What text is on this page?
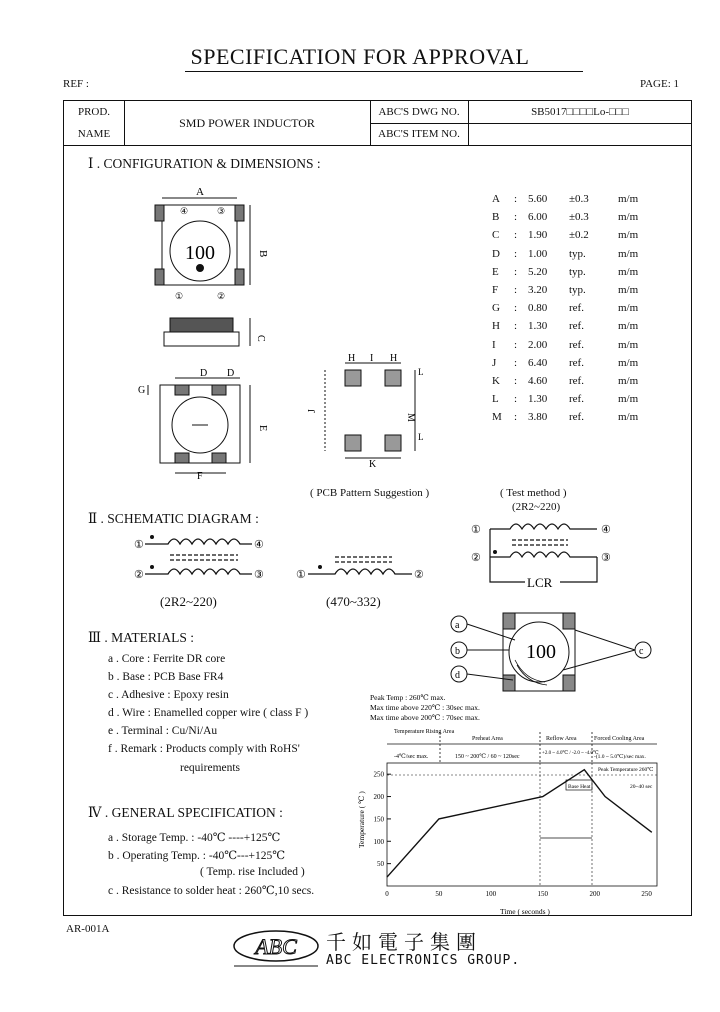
SPECIFICATION FOR APPROVAL
REF :	PAGE: 1
PROD.
NAME
SMD POWER INDUCTOR
ABC'S DWG NO.	SB5017□□□□Lo-□□□
ABC'S ITEM NO.
Ⅰ . CONFIGURATION & DIMENSIONS :
A
B
④	③
①	②
100
C
D D
G
E
F
H I H
J
M
L
L
K
( PCB Pattern Suggestion )
A : 5.60 ±0.3	m/m
B : 6.00 ±0.3	m/m
C : 1.90 ±0.2	m/m
D : 1.00 typ.	m/m
E : 5.20 typ.	m/m
F : 3.20 typ.	m/m
G : 0.80 ref.	m/m
H : 1.30 ref.	m/m
I : 2.00 ref.	m/m
J : 6.40 ref.	m/m
K : 4.60 ref.	m/m
L : 1.30 ref.	m/m
M : 3.80 ref.	m/m
Ⅱ . SCHEMATIC DIAGRAM :
( Test method )
(2R2~220)
①	④
②	③	①	②
(2R2~220)	(470~332)
①	④
②	③
LCR
Ⅲ . MATERIALS :
a . Core : Ferrite DR core
b . Base : PCB Base FR4
c . Adhesive : Epoxy resin
d . Wire : Enamelled copper wire ( class F )
e . Terminal : Cu/Ni/Au
f . Remark : Products comply with RoHS'
requirements
a
b
d
c
100
Peak Temp : 260℃ max.
Max time above 220℃ : 30sec max.
Max time above 200℃ : 70sec max.
Temperature Rising Area
Preheat Area	Reflow Area	Forced Cooling Area
-4℃/sec max.	150 ~ 200℃ / 60 ~ 120sec
+2.0 ~ 4.0℃ / -2.0 ~ -4.0℃
-(1.0 ~ 5.0℃)/sec max.
250
200
150
100
50
0	50	100	150	200	250
Base Heat
Peak Temperature 260℃
20~40 sec
Temperature ( ℃ )
Time ( seconds )
Ⅳ . GENERAL SPECIFICATION :
a . Storage Temp. : -40℃ ----+125℃
b . Operating Temp. : -40℃---+125℃
( Temp. rise Included )
c . Resistance to solder heat : 260℃,10 secs.
AR-001A
ABC 千如電子集團
ABC ELECTRONICS GROUP.
